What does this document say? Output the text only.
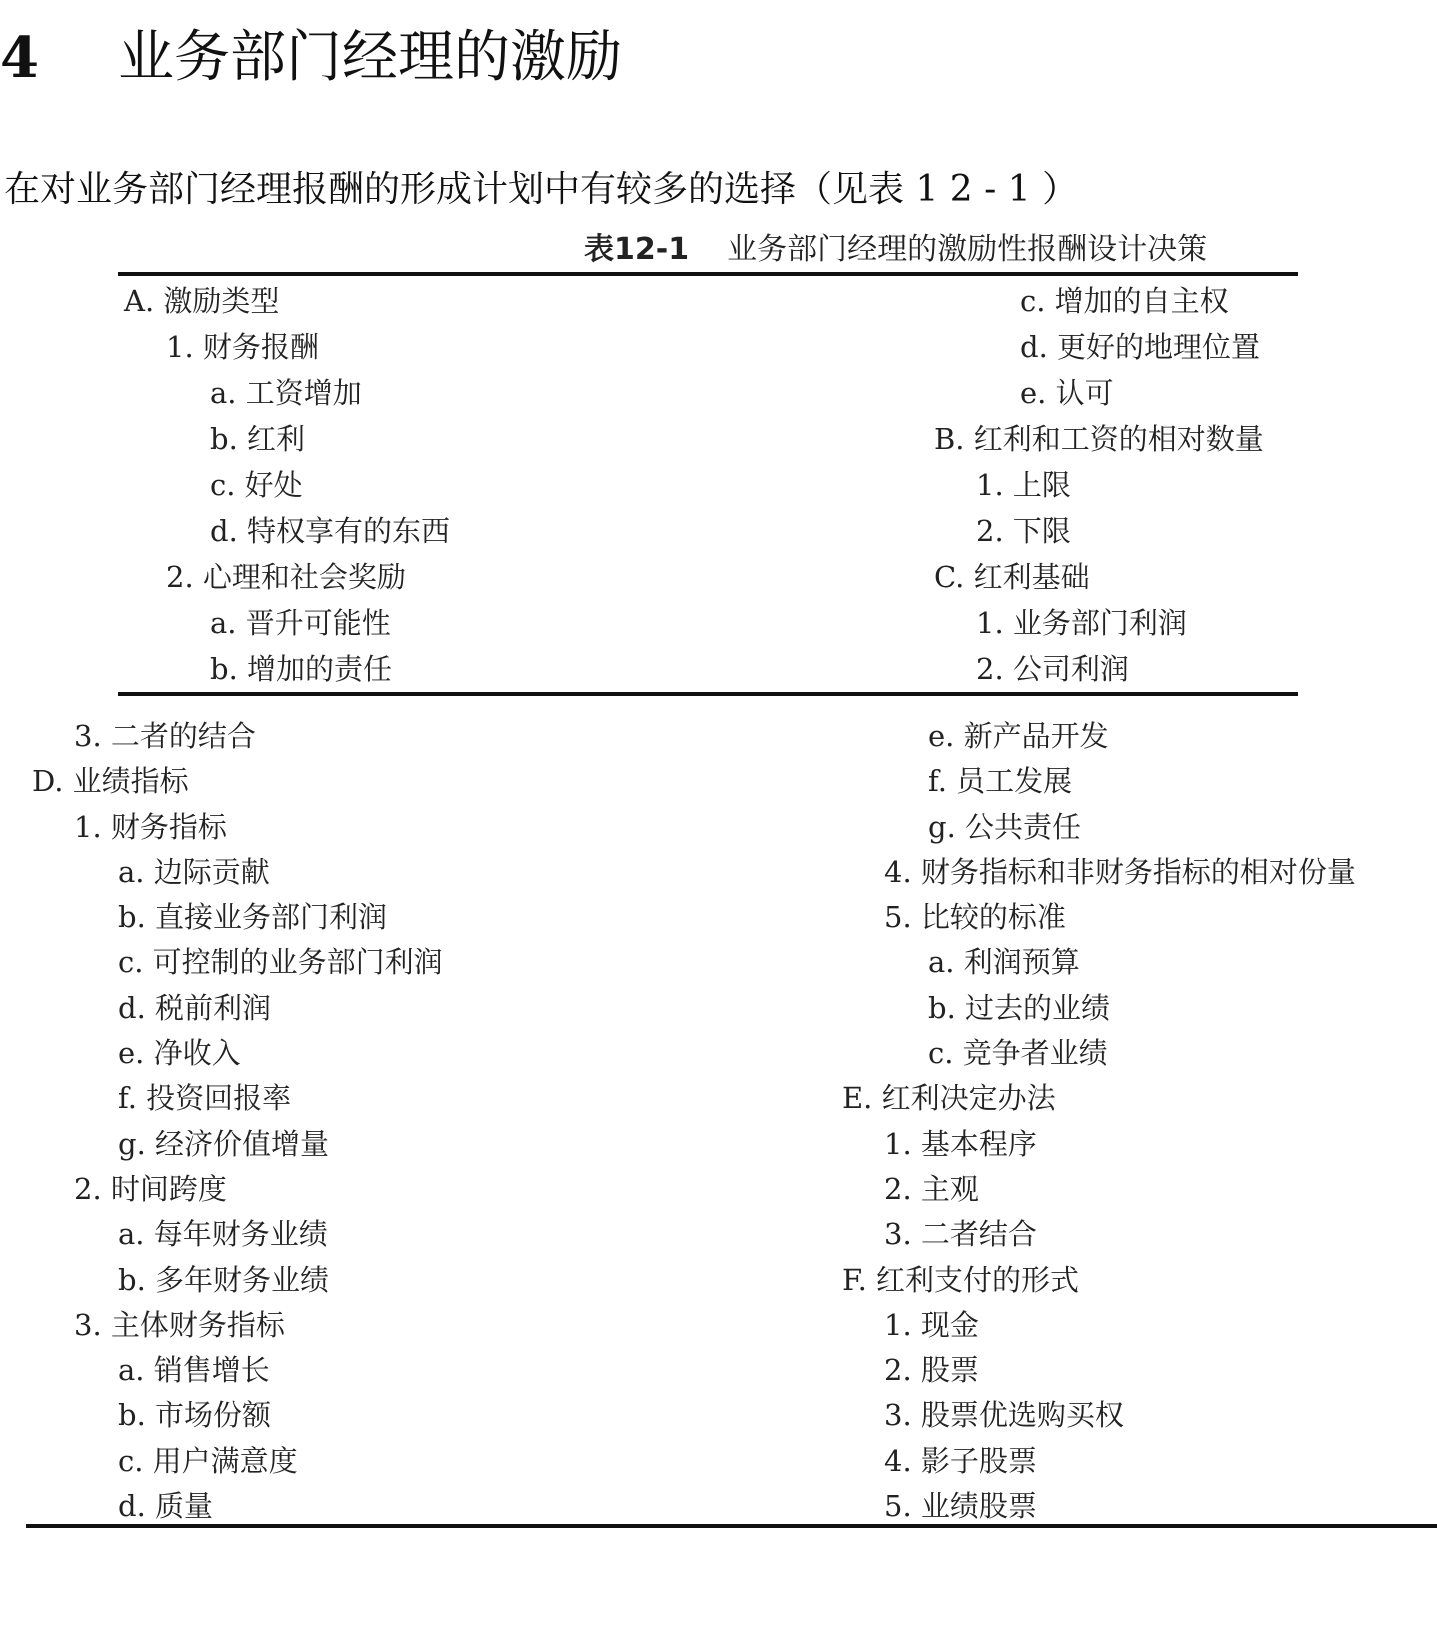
4 业务部门经理的激励
在对业务部门经理报酬的形成计划中有较多的选择（见表 1 2 - 1 ）
表12-1 业务部门经理的激励性报酬设计决策
A. 激励类型
1. 财务报酬
a. 工资增加
b. 红利
c. 好处
d. 特权享有的东西
2. 心理和社会奖励
a. 晋升可能性
b. 增加的责任
c. 增加的自主权
d. 更好的地理位置
e. 认可
B. 红利和工资的相对数量
1. 上限
2. 下限
C. 红利基础
1. 业务部门利润
2. 公司利润
3. 二者的结合
D. 业绩指标
1. 财务指标
a. 边际贡献
b. 直接业务部门利润
c. 可控制的业务部门利润
d. 税前利润
e. 净收入
f. 投资回报率
g. 经济价值增量
2. 时间跨度
a. 每年财务业绩
b. 多年财务业绩
3. 主体财务指标
a. 销售增长
b. 市场份额
c. 用户满意度
d. 质量
e. 新产品开发
f. 员工发展
g. 公共责任
4. 财务指标和非财务指标的相对份量
5. 比较的标准
a. 利润预算
b. 过去的业绩
c. 竞争者业绩
E. 红利决定办法
1. 基本程序
2. 主观
3. 二者结合
F. 红利支付的形式
1. 现金
2. 股票
3. 股票优选购买权
4. 影子股票
5. 业绩股票
